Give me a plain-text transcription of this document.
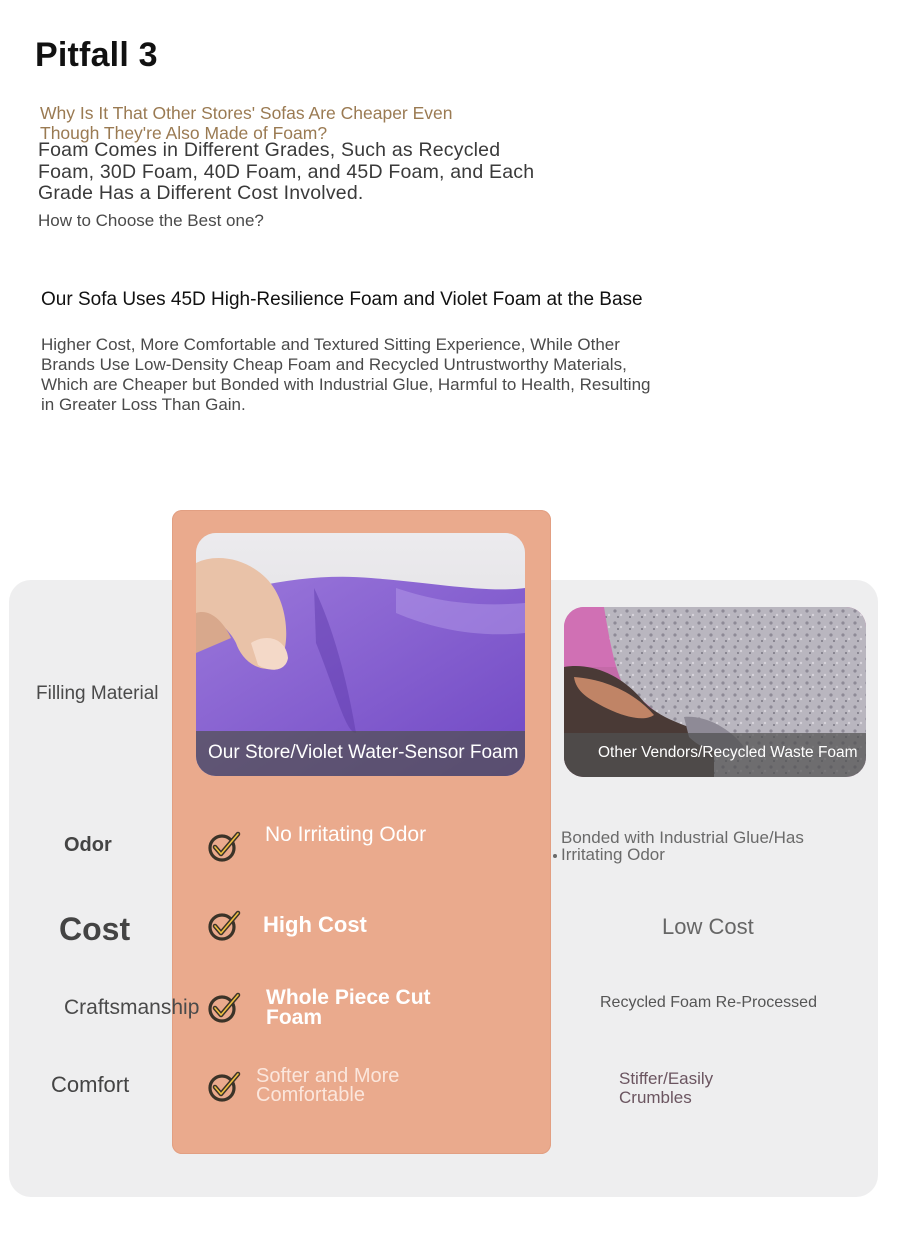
Pitfall 3
Why Is It That Other Stores' Sofas Are Cheaper Even Though They're Also Made of Foam?
Foam Comes in Different Grades, Such as Recycled Foam, 30D Foam, 40D Foam, and 45D Foam, and Each Grade Has a Different Cost Involved.
How to Choose the Best one?
Our Sofa Uses 45D High-Resilience Foam and Violet Foam at the Base
Higher Cost, More Comfortable and Textured Sitting Experience, While Other Brands Use Low-Density Cheap Foam and Recycled Untrustworthy Materials, Which are Cheaper but Bonded with Industrial Glue, Harmful to Health, Resulting in Greater Loss Than Gain.
Our Store/Violet Water-Sensor Foam	Other Vendors/Recycled Waste Foam
Filling Material
Odor
Cost
Craftsmanship
Comfort
No Irritating Odor
High Cost
Whole Piece Cut Foam
Softer and More Comfortable
Bonded with Industrial Glue/Has Irritating Odor
Low Cost
Recycled Foam Re-Processed
Stiffer/Easily Crumbles
